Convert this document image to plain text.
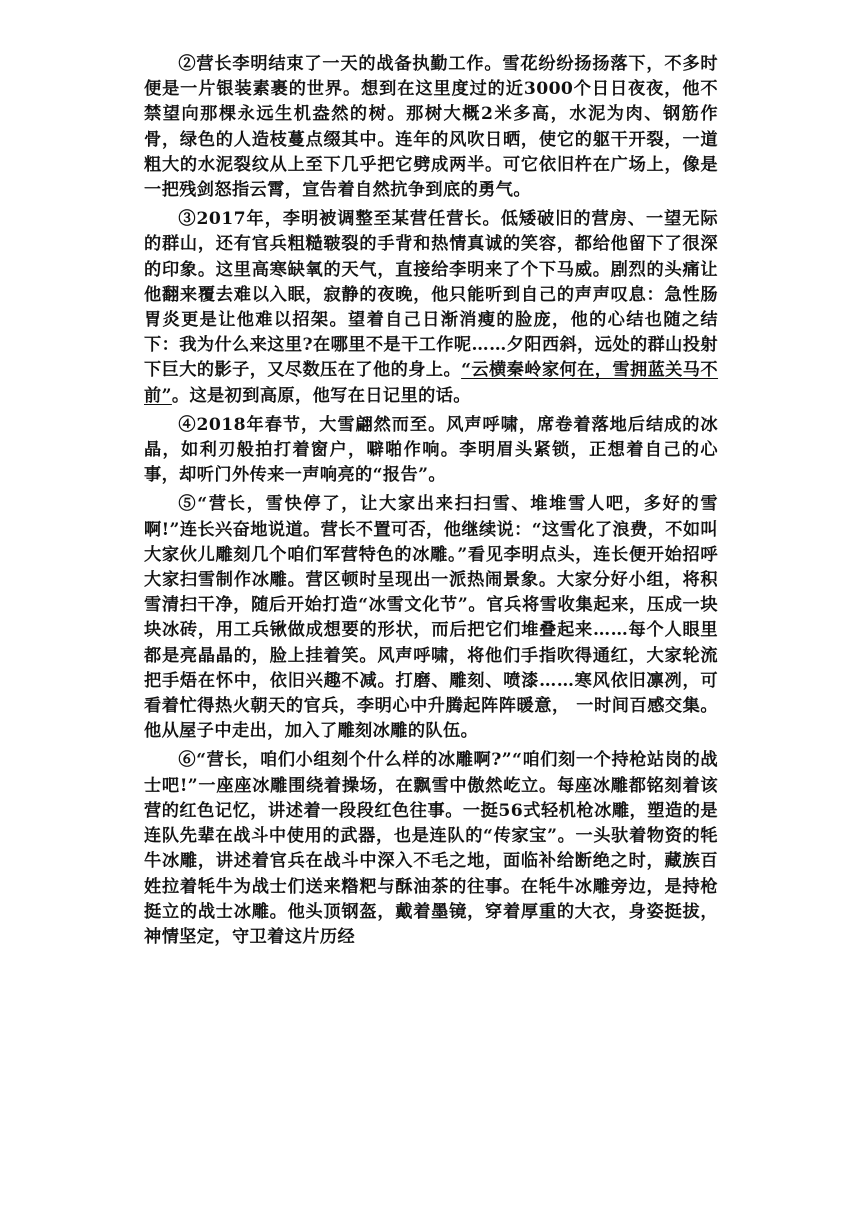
②营长李明结束了一天的战备执勤工作。雪花纷纷扬扬落下，不多时便是一片银装素裹的世界。想到在这里度过的近3000个日日夜夜，他不禁望向那棵永远生机盎然的树。那树大概2米多高，水泥为肉、钢筋作骨，绿色的人造枝蔓点缀其中。连年的风吹日晒，使它的躯干开裂，一道粗大的水泥裂纹从上至下几乎把它劈成两半。可它依旧杵在广场上，像是一把残剑怒指云霄，宣告着自然抗争到底的勇气。

③2017年，李明被调整至某营任营长。低矮破旧的营房、一望无际的群山，还有官兵粗糙皲裂的手背和热情真诚的笑容，都给他留下了很深的印象。这里高寒缺氧的天气，直接给李明来了个下马威。剧烈的头痛让他翻来覆去难以入眠，寂静的夜晚，他只能听到自己的声声叹息：急性肠胃炎更是让他难以招架。望着自己日渐消瘦的脸庞，他的心结也随之结下：我为什么来这里?在哪里不是干工作呢……夕阳西斜，远处的群山投射下巨大的影子，又尽数压在了他的身上。“云横秦岭家何在，雪拥蓝关马不前”。这是初到高原，他写在日记里的话。

④2018年春节，大雪翩然而至。风声呼啸，席卷着落地后结成的冰晶，如利刃般拍打着窗户，噼啪作响。李明眉头紧锁，正想着自己的心事，却听门外传来一声响亮的“报告”。

⑤“营长，雪快停了，让大家出来扫扫雪、堆堆雪人吧，多好的雪啊!”连长兴奋地说道。营长不置可否，他继续说：“这雪化了浪费，不如叫大家伙儿雕刻几个咱们军营特色的冰雕。”看见李明点头，连长便开始招呼大家扫雪制作冰雕。营区顿时呈现出一派热闹景象。大家分好小组，将积雪清扫干净，随后开始打造“冰雪文化节”。官兵将雪收集起来，压成一块块冰砖，用工兵锹做成想要的形状，而后把它们堆叠起来……每个人眼里都是亮晶晶的，脸上挂着笑。风声呼啸，将他们手指吹得通红，大家轮流把手焐在怀中，依旧兴趣不减。打磨、雕刻、喷漆……寒风依旧凛冽，可看着忙得热火朝天的官兵，李明心中升腾起阵阵暖意， 一时间百感交集。他从屋子中走出，加入了雕刻冰雕的队伍。

⑥“营长，咱们小组刻个什么样的冰雕啊?”“咱们刻一个持枪站岗的战士吧!”一座座冰雕围绕着操场，在飘雪中傲然屹立。每座冰雕都铭刻着该营的红色记忆，讲述着一段段红色往事。一挺56式轻机枪冰雕，塑造的是连队先辈在战斗中使用的武器，也是连队的“传家宝”。一头驮着物资的牦牛冰雕，讲述着官兵在战斗中深入不毛之地，面临补给断绝之时，藏族百姓拉着牦牛为战士们送来糌粑与酥油茶的往事。在牦牛冰雕旁边，是持枪挺立的战士冰雕。他头顶钢盔，戴着墨镜，穿着厚重的大衣，身姿挺拔，神情坚定，守卫着这片历经
